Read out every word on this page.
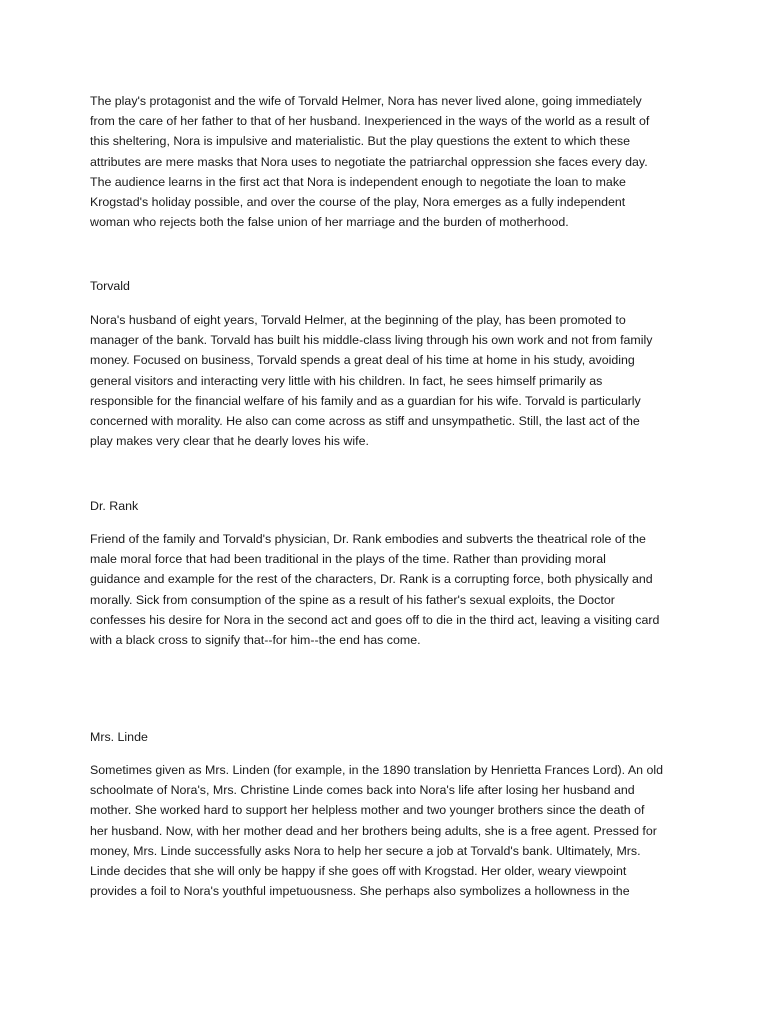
The play's protagonist and the wife of Torvald Helmer, Nora has never lived alone, going immediately
from the care of her father to that of her husband. Inexperienced in the ways of the world as a result of
this sheltering, Nora is impulsive and materialistic. But the play questions the extent to which these
attributes are mere masks that Nora uses to negotiate the patriarchal oppression she faces every day.
The audience learns in the first act that Nora is independent enough to negotiate the loan to make
Krogstad's holiday possible, and over the course of the play, Nora emerges as a fully independent
woman who rejects both the false union of her marriage and the burden of motherhood.
Torvald
Nora's husband of eight years, Torvald Helmer, at the beginning of the play, has been promoted to
manager of the bank. Torvald has built his middle-class living through his own work and not from family
money. Focused on business, Torvald spends a great deal of his time at home in his study, avoiding
general visitors and interacting very little with his children. In fact, he sees himself primarily as
responsible for the financial welfare of his family and as a guardian for his wife. Torvald is particularly
concerned with morality. He also can come across as stiff and unsympathetic. Still, the last act of the
play makes very clear that he dearly loves his wife.
Dr. Rank
Friend of the family and Torvald's physician, Dr. Rank embodies and subverts the theatrical role of the
male moral force that had been traditional in the plays of the time. Rather than providing moral
guidance and example for the rest of the characters, Dr. Rank is a corrupting force, both physically and
morally. Sick from consumption of the spine as a result of his father's sexual exploits, the Doctor
confesses his desire for Nora in the second act and goes off to die in the third act, leaving a visiting card
with a black cross to signify that--for him--the end has come.
Mrs. Linde
Sometimes given as Mrs. Linden (for example, in the 1890 translation by Henrietta Frances Lord). An old
schoolmate of Nora's, Mrs. Christine Linde comes back into Nora's life after losing her husband and
mother. She worked hard to support her helpless mother and two younger brothers since the death of
her husband. Now, with her mother dead and her brothers being adults, she is a free agent. Pressed for
money, Mrs. Linde successfully asks Nora to help her secure a job at Torvald's bank. Ultimately, Mrs.
Linde decides that she will only be happy if she goes off with Krogstad. Her older, weary viewpoint
provides a foil to Nora's youthful impetuousness. She perhaps also symbolizes a hollowness in the
